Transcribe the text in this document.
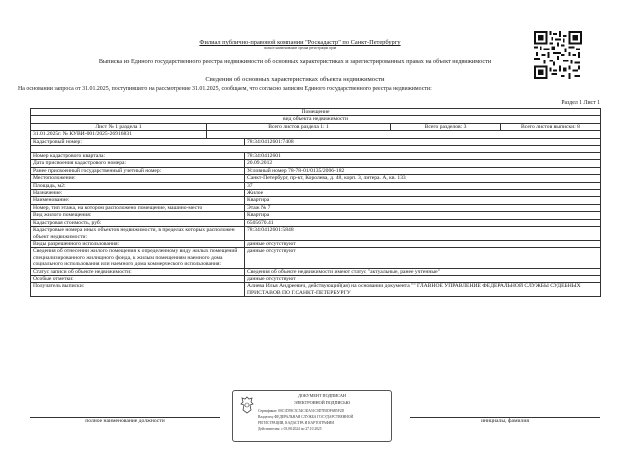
Филиал публично-правовой компании "Роскадастр" по Санкт-Петербургу
полное наименование органа регистрации прав
Выписка из Единого государственного реестра недвижимости об основных характеристиках и зарегистрированных правах на объект недвижимости
Сведения об основных характеристиках объекта недвижимости
На основании запроса от 31.01.2025, поступившего на рассмотрение 31.01.2025, сообщаем, что согласно записям Единого государственного реестра недвижимости:
Раздел 1 Лист 1
Помещение				
вид объекта недвижимости				
Лист № 1 раздела 1	Всего листов раздела 1: 1		Всего разделов: 3	Всего листов выписки: 8
31.01.2025г. № КУВИ-001/2025-26916831				
Кадастровый номер:		78:34:0412601:7408		

Номер кадастрового квартала:		78:34:0412601		
Дата присвоения кадастрового номера:		20.09.2012		
Ранее присвоенный государственный учетный номер:		Условный номер 78-78-01/0135/2006-182		
Местоположение:		Санкт-Петербург, пр-кт, Королева, д. 48, корп. 3, литера. А, кв. 133		
Площадь, м2:		37		
Назначение:		Жилое		
Наименование:		Квартира		
Номер, тип этажа, на котором расположено помещение, машино-место		Этаж № 7		
Вид жилого помещения:		Квартира		
Кадастровая стоимость, руб:		6505670.41		
Кадастровые номера иных объектов недвижимости, в пределах которых расположен объект недвижимости:		78:34:0412601:5848		
Виды разрешенного использования:		данные отсутствуют		
Сведения об отнесении жилого помещения к определенному виду жилых помещений специализированного жилищного фонда, к жилым помещениям наемного дома социального использования или наемного дома коммерческого использования:		данные отсутствуют		
Статус записи об объекте недвижимости:		Сведения об объекте недвижимости имеют статус "актуальные, ранее учтенные"		
Особые отметки:		данные отсутствуют		
Получатель выписки:		Алиева Илья Андреевич, действующий(ая) на основании документа "" ГЛАВНОЕ УПРАВЛЕНИЕ ФЕДЕРАЛЬНОЙ СЛУЖБЫ СУДЕБНЫХ ПРИСТАВОВ ПО Г.САНКТ-ПЕТЕРБУРГУ		
полное наименование должности
ДОКУМЕНТ ПОДПИСАН
ЭЛЕКТРОННОЙ ПОДПИСЬЮ
Сертификат: 00C1D59C3C54C30A51C0D7E0DF6B5F2D
Владелец: ФЕДЕРАЛЬНАЯ СЛУЖБА ГОСУДАРСТВЕННОЙ
РЕГИСТРАЦИИ, КАДАСТРА И КАРТОГРАФИИ
Действителен: с 03.08.2024 по 27.10.2025
инициалы, фамилия
